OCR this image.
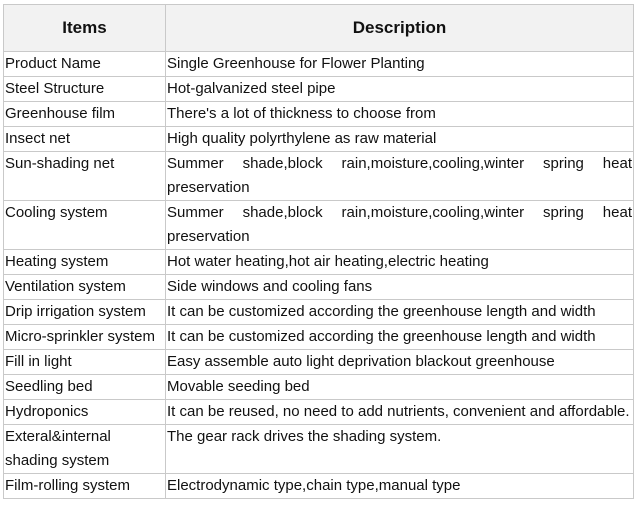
Items	Description
Product Name	Single Greenhouse for Flower Planting
Steel Structure	Hot-galvanized steel pipe
Greenhouse film	There's a lot of thickness to choose from
Insect net	High quality polyrthylene as raw material
Sun-shading net	Summer shade,block rain,moisture,cooling,winter spring heat preservation
Cooling system	Summer shade,block rain,moisture,cooling,winter spring heat preservation
Heating system	Hot water heating,hot air heating,electric heating
Ventilation system	Side windows and cooling fans
Drip irrigation system	It can be customized according the greenhouse length and width
Micro-sprinkler system	It can be customized according the greenhouse length and width
Fill in light	Easy assemble auto light deprivation blackout greenhouse
Seedling bed	Movable seeding bed
Hydroponics	It can be reused, no need to add nutrients, convenient and affordable.
Exteral&internal shading system	The gear rack drives the shading system.
Film-rolling system	Electrodynamic type,chain type,manual type
